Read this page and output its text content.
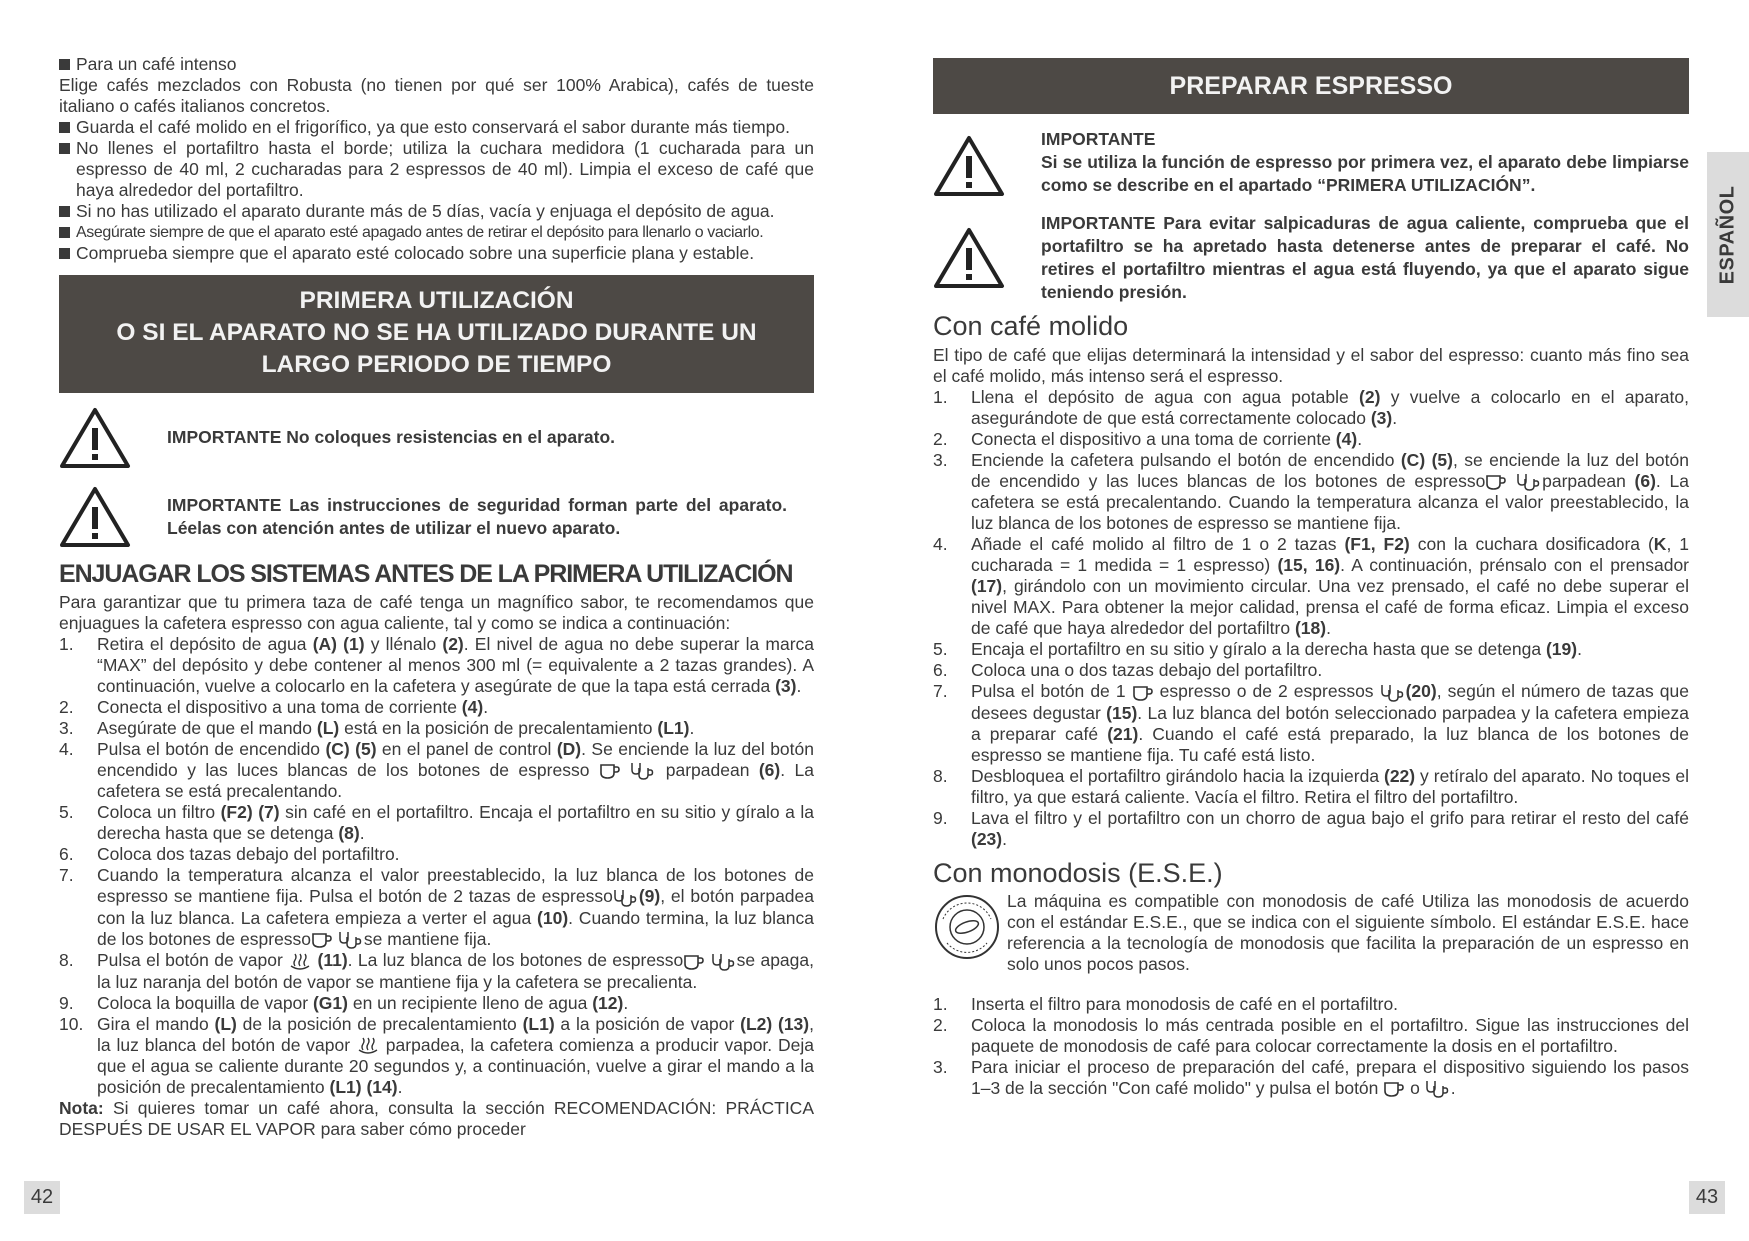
Para un café intenso

Elige cafés mezclados con Robusta (no tienen por qué ser 100% Arabica), cafés de tueste italiano o cafés italianos concretos.

Guarda el café molido en el frigorífico, ya que esto conservará el sabor durante más tiempo.
No llenes el portafiltro hasta el borde; utiliza la cuchara medidora (1 cucharada para un espresso de 40 ml, 2 cucharadas para 2 espressos de 40 ml). Limpia el exceso de café que haya alrededor del portafiltro.
Si no has utilizado el aparato durante más de 5 días, vacía y enjuaga el depósito de agua.
Asegúrate siempre de que el aparato esté apagado antes de retirar el depósito para llenarlo o vaciarlo.
Comprueba siempre que el aparato esté colocado sobre una superficie plana y estable.
PRIMERA UTILIZACIÓN
O SI EL APARATO NO SE HA UTILIZADO DURANTE UN
LARGO PERIODO DE TIEMPO
IMPORTANTE No coloques resistencias en el aparato.
IMPORTANTE Las instrucciones de seguridad forman parte del aparato. Léelas con atención antes de utilizar el nuevo aparato.
ENJUAGAR LOS SISTEMAS ANTES DE LA PRIMERA UTILIZACIÓN

Para garantizar que tu primera taza de café tenga un magnífico sabor, te recomendamos que enjuagues la cafetera espresso con agua caliente, tal y como se indica a continuación:

1.	Retira el depósito de agua (A) (1) y llénalo (2). El nivel de agua no debe superar la marca “MAX” del depósito y debe contener al menos 300 ml (= equivalente a 2 tazas grandes). A continuación, vuelve a colocarlo en la cafetera y asegúrate de que la tapa está cerrada (3).
2.	Conecta el dispositivo a una toma de corriente (4).
3.	Asegúrate de que el mando (L) está en la posición de precalentamiento (L1).
4.	Pulsa el botón de encendido (C) (5) en el panel de control (D). Se enciende la luz del botón encendido y las luces blancas de los botones de espresso	parpadean (6). La cafetera se está precalentando.
5.	Coloca un filtro (F2) (7) sin café en el portafiltro. Encaja el portafiltro en su sitio y gíralo a la derecha hasta que se detenga (8).
6.	Coloca dos tazas debajo del portafiltro.
7.	Cuando la temperatura alcanza el valor preestablecido, la luz blanca de los botones de espresso se mantiene fija. Pulsa el botón de 2 tazas de espresso (9), el botón parpadea con la luz blanca. La cafetera empieza a verter el agua (10). Cuando termina, la luz blanca de los botones de espresso	se mantiene fija.
8.	Pulsa el botón de vapor  (11). La luz blanca de los botones de espresso	se apaga, la luz naranja del botón de vapor se mantiene fija y la cafetera se precalienta.
9.	Coloca la boquilla de vapor (G1) en un recipiente lleno de agua (12).
10. Gira el mando (L) de la posición de precalentamiento (L1) a la posición de vapor (L2) (13), la luz blanca del botón de vapor  parpadea, la cafetera comienza a producir vapor. Deja que el agua se caliente durante 20 segundos y, a continuación, vuelve a girar el mando a la posición de precalentamiento (L1) (14).

Nota: Si quieres tomar un café ahora, consulta la sección RECOMENDACIÓN: PRÁCTICA DESPUÉS DE USAR EL VAPOR para saber cómo proceder

42
PREPARAR ESPRESSO
IMPORTANTE
Si se utiliza la función de espresso por primera vez, el aparato debe limpiarse como se describe en el apartado “PRIMERA UTILIZACIÓN”.
IMPORTANTE Para evitar salpicaduras de agua caliente, comprueba que el portafiltro se ha apretado hasta detenerse antes de preparar el café. No retires el portafiltro mientras el agua está fluyendo, ya que el aparato sigue teniendo presión.
Con café molido

El tipo de café que elijas determinará la intensidad y el sabor del espresso: cuanto más fino sea el café molido, más intenso será el espresso.

1.	Llena el depósito de agua con agua potable (2) y vuelve a colocarlo en el aparato, asegurándote de que está correctamente colocado (3).
2.	Conecta el dispositivo a una toma de corriente (4).
3.	Enciende la cafetera pulsando el botón de encendido (C) (5), se enciende la luz del botón de encendido y las luces blancas de los botones de espresso	parpadean (6). La cafetera se está precalentando. Cuando la temperatura alcanza el valor preestablecido, la luz blanca de los botones de espresso se mantiene fija.
4.	Añade el café molido al filtro de 1 o 2 tazas (F1, F2) con la cuchara dosificadora (K, 1 cucharada = 1 medida = 1 espresso) (15, 16). A continuación, prénsalo con el prensador (17), girándolo con un movimiento circular. Una vez prensado, el café no debe superar el nivel MAX. Para obtener la mejor calidad, prensa el café de forma eficaz. Limpia el exceso de café que haya alrededor del portafiltro (18).
5.	Encaja el portafiltro en su sitio y gíralo a la derecha hasta que se detenga (19).
6.	Coloca una o dos tazas debajo del portafiltro.
7.	Pulsa el botón de 1  espresso o de 2 espressos (20), según el número de tazas que desees degustar (15). La luz blanca del botón seleccionado parpadea y la cafetera empieza a preparar café (21). Cuando el café está preparado, la luz blanca de los botones de espresso se mantiene fija. Tu café está listo.
8.	Desbloquea el portafiltro girándolo hacia la izquierda (22) y retíralo del aparato. No toques el filtro, ya que estará caliente. Vacía el filtro. Retira el filtro del portafiltro.
9.	Lava el filtro y el portafiltro con un chorro de agua bajo el grifo para retirar el resto del café (23).
Con monodosis (E.S.E.)

La máquina es compatible con monodosis de café Utiliza las monodosis de acuerdo con el estándar E.S.E., que se indica con el siguiente símbolo. El estándar E.S.E. hace referencia a la tecnología de monodosis que facilita la preparación de un espresso en solo unos pocos pasos.

1.	Inserta el filtro para monodosis de café en el portafiltro.
2.	Coloca la monodosis lo más centrada posible en el portafiltro. Sigue las instrucciones del paquete de monodosis de café para colocar correctamente la dosis en el portafiltro.
3.	Para iniciar el proceso de preparación del café, prepara el dispositivo siguiendo los pasos 1–3 de la sección "Con café molido" y pulsa el botón  o .
43
ESPAÑOL
